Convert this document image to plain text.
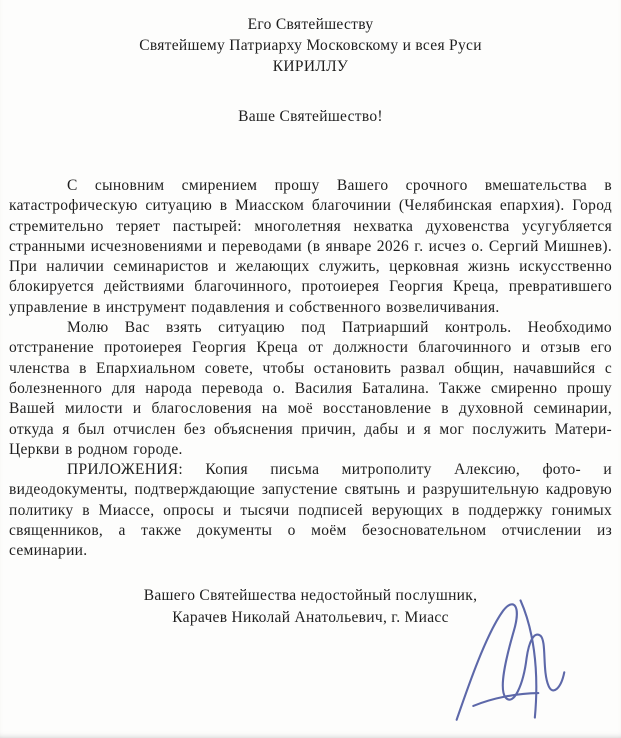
Его Святейшеству
Святейшему Патриарху Московскому и всея Руси
КИРИЛЛУ
Ваше Святейшество!

С сыновним смирением прошу Вашего срочного вмешательства в катастрофическую ситуацию в Миасском благочинии (Челябинская епархия). Город стремительно теряет пастырей: многолетняя нехватка духовенства усугубляется странными исчезновениями и переводами (в январе 2026 г. исчез о. Сергий Мишнев). При наличии семинаристов и желающих служить, церковная жизнь искусственно блокируется действиями благочинного, протоиерея Георгия Креца, превратившего управление в инструмент подавления и собственного возвеличивания.

Молю Вас взять ситуацию под Патриарший контроль. Необходимо отстранение протоиерея Георгия Креца от должности благочинного и отзыв его членства в Епархиальном совете, чтобы остановить развал общин, начавшийся с болезненного для народа перевода о. Василия Баталина. Также смиренно прошу Вашей милости и благословения на моё восстановление в духовной семинарии, откуда я был отчислен без объяснения причин, дабы и я мог послужить Матери-Церкви в родном городе.

ПРИЛОЖЕНИЯ: Копия письма митрополиту Алексию, фото- и видеодокументы, подтверждающие запустение святынь и разрушительную кадровую политику в Миассе, опросы и тысячи подписей верующих в поддержку гонимых священников, а также документы о моём безосновательном отчислении из семинарии.

Вашего Святейшества недостойный послушник,
Карачев Николай Анатольевич, г. Миасс
